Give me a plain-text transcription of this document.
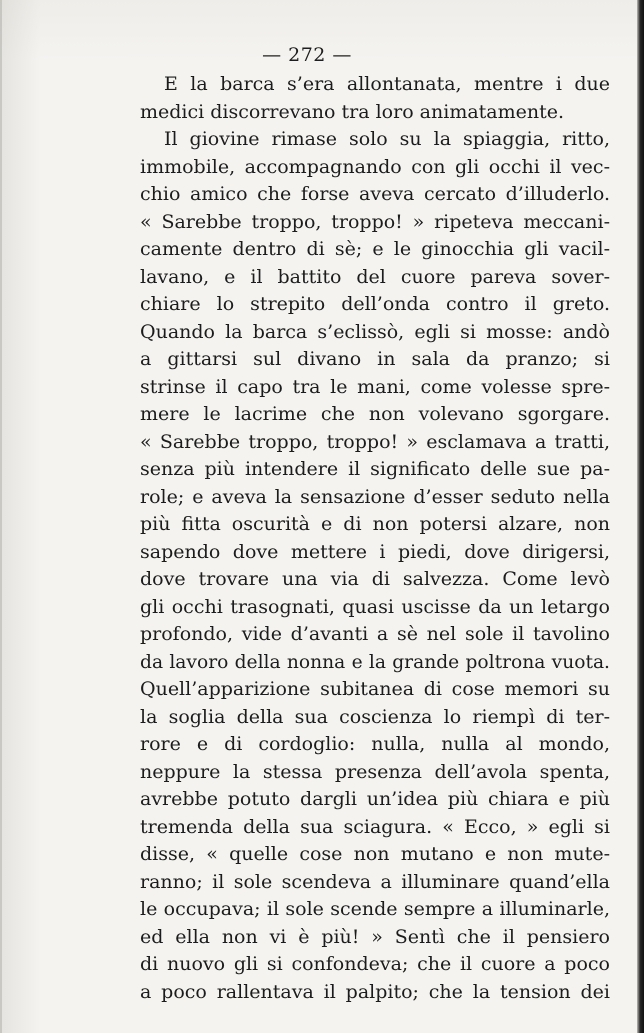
— 272 —
E la barca s’era allontanata, mentre i due
medici discorrevano tra loro animatamente.
Il giovine rimase solo su la spiaggia, ritto,
immobile, accompagnando con gli occhi il vec-
chio amico che forse aveva cercato d’illuderlo.
« Sarebbe troppo, troppo! » ripeteva meccani-
camente dentro di sè; e le ginocchia gli vacil-
lavano, e il battito del cuore pareva sover-
chiare lo strepito dell’onda contro il greto.
Quando la barca s’eclissò, egli si mosse: andò
a gittarsi sul divano in sala da pranzo; si
strinse il capo tra le mani, come volesse spre-
mere le lacrime che non volevano sgorgare.
« Sarebbe troppo, troppo! » esclamava a tratti,
senza più intendere il significato delle sue pa-
role; e aveva la sensazione d’esser seduto nella
più fitta oscurità e di non potersi alzare, non
sapendo dove mettere i piedi, dove dirigersi,
dove trovare una via di salvezza. Come levò
gli occhi trasognati, quasi uscisse da un letargo
profondo, vide d’avanti a sè nel sole il tavolino
da lavoro della nonna e la grande poltrona vuota.
Quell’apparizione subitanea di cose memori su
la soglia della sua coscienza lo riempì di ter-
rore e di cordoglio: nulla, nulla al mondo,
neppure la stessa presenza dell’avola spenta,
avrebbe potuto dargli un’idea più chiara e più
tremenda della sua sciagura. « Ecco, » egli si
disse, « quelle cose non mutano e non mute-
ranno; il sole scendeva a illuminare quand’ella
le occupava; il sole scende sempre a illuminarle,
ed ella non vi è più! » Sentì che il pensiero
di nuovo gli si confondeva; che il cuore a poco
a poco rallentava il palpito; che la tension dei
